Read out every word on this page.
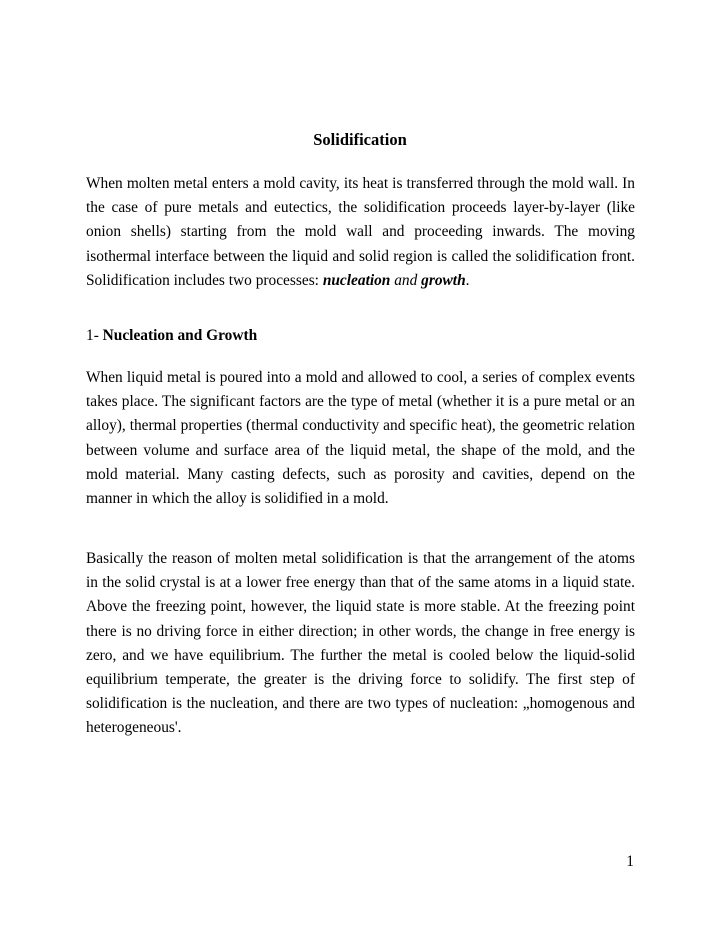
Solidification

When molten metal enters a mold cavity, its heat is transferred through the mold wall. In the case of pure metals and eutectics, the solidification proceeds layer-by-layer (like onion shells) starting from the mold wall and proceeding inwards. The moving isothermal interface between the liquid and solid region is called the solidification front. Solidification includes two processes: nucleation and growth.

1- Nucleation and Growth

When liquid metal is poured into a mold and allowed to cool, a series of complex events takes place. The significant factors are the type of metal (whether it is a pure metal or an alloy), thermal properties (thermal conductivity and specific heat), the geometric relation between volume and surface area of the liquid metal, the shape of the mold, and the mold material. Many casting defects, such as porosity and cavities, depend on the manner in which the alloy is solidified in a mold.

Basically the reason of molten metal solidification is that the arrangement of the atoms in the solid crystal is at a lower free energy than that of the same atoms in a liquid state. Above the freezing point, however, the liquid state is more stable. At the freezing point there is no driving force in either direction; in other words, the change in free energy is zero, and we have equilibrium. The further the metal is cooled below the liquid-solid equilibrium temperate, the greater is the driving force to solidify. The first step of solidification is the nucleation, and there are two types of nucleation: „homogenous and heterogeneous'.

1
